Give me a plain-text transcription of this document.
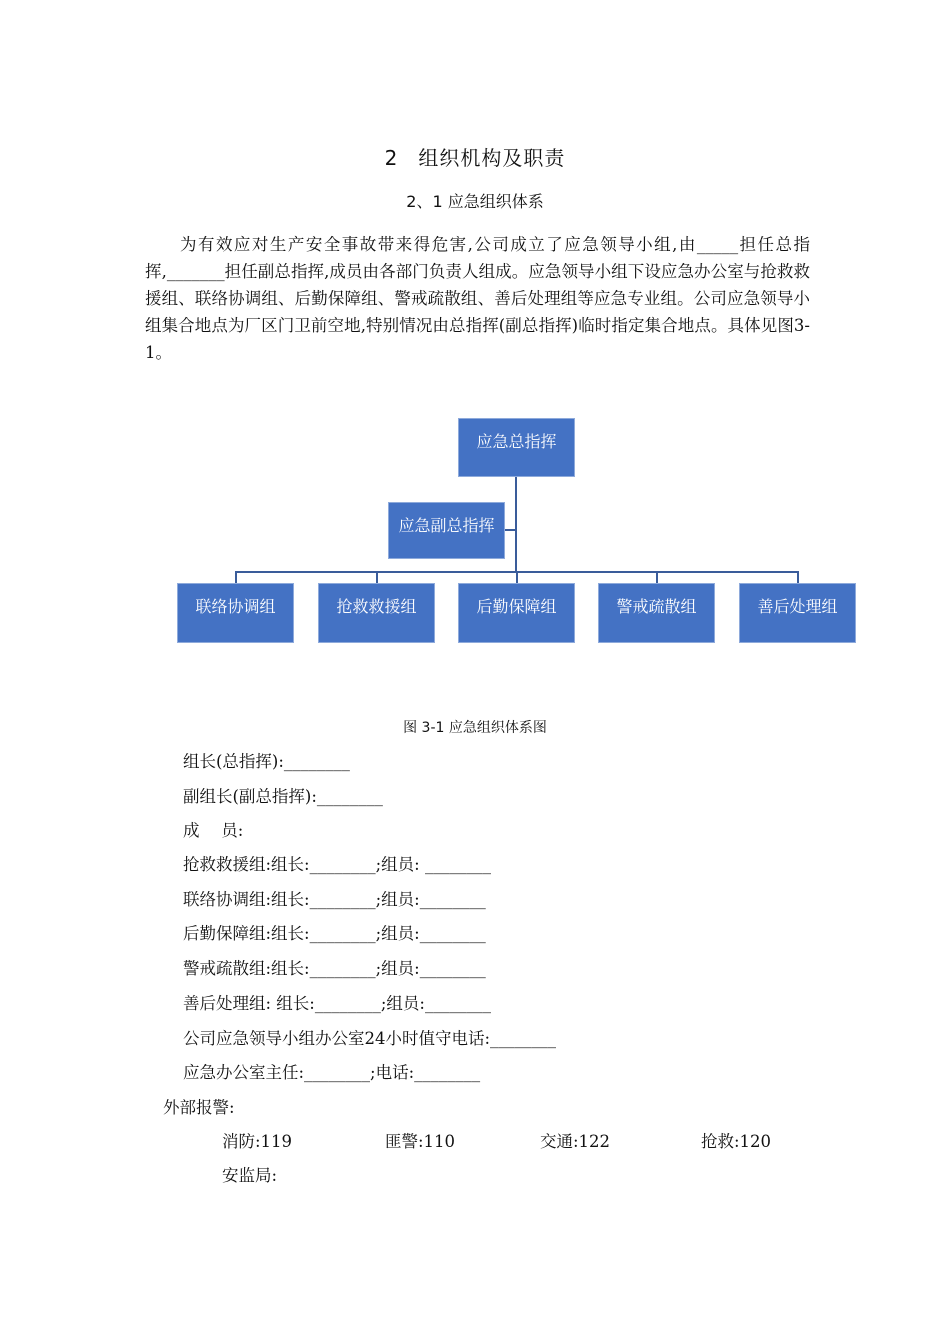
2 组织机构及职责
2、1 应急组织体系
为有效应对生产安全事故带来得危害,公司成立了应急领导小组,由_____担任总指挥,_______担任副总指挥,成员由各部门负责人组成。应急领导小组下设应急办公室与抢救救援组、联络协调组、后勤保障组、警戒疏散组、善后处理组等应急专业组。公司应急领导小组集合地点为厂区门卫前空地,特别情况由总指挥(副总指挥)临时指定集合地点。具体见图3-1。
应急总指挥
应急副总指挥
联络协调组	抢救救援组	后勤保障组	警戒疏散组	善后处理组
图 3-1 应急组织体系图
组长(总指挥):________
副组长(副总指挥):________
成　 员:
抢救救援组:组长:________;组员: ________
联络协调组:组长:________;组员:________
后勤保障组:组长:________;组员:________
警戒疏散组:组长:________;组员:________
善后处理组: 组长:________;组员:________
公司应急领导小组办公室24小时值守电话:________
应急办公室主任:________;电话:________
外部报警:
消防:119	匪警:110	交通:122	抢救:120
安监局:
